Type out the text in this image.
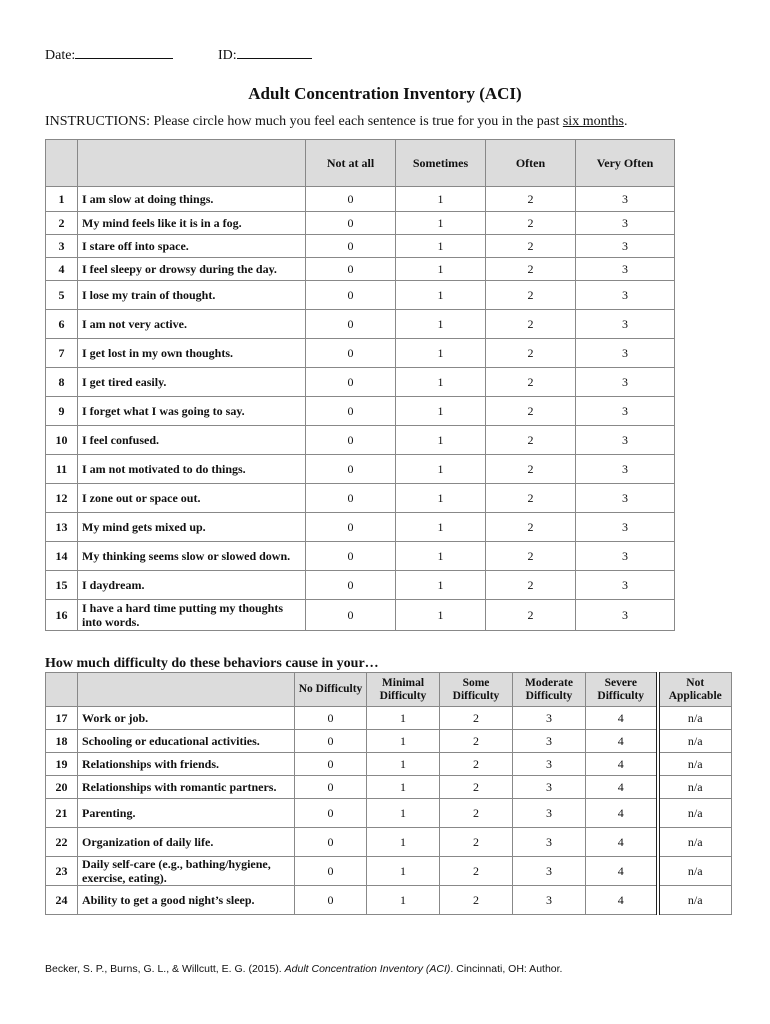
Date:	ID:
Adult Concentration Inventory (ACI)
INSTRUCTIONS: Please circle how much you feel each sentence is true for you in the past six months.
		Not at all	Sometimes	Often	Very Often
1	I am slow at doing things.	0	1	2	3
2	My mind feels like it is in a fog.	0	1	2	3
3	I stare off into space.	0	1	2	3
4	I feel sleepy or drowsy during the day.	0	1	2	3
5	I lose my train of thought.	0	1	2	3
6	I am not very active.	0	1	2	3
7	I get lost in my own thoughts.	0	1	2	3
8	I get tired easily.	0	1	2	3
9	I forget what I was going to say.	0	1	2	3
10	I feel confused.	0	1	2	3
11	I am not motivated to do things.	0	1	2	3
12	I zone out or space out.	0	1	2	3
13	My mind gets mixed up.	0	1	2	3
14	My thinking seems slow or slowed down.	0	1	2	3
15	I daydream.	0	1	2	3
16	I have a hard time putting my thoughts into words.	0	1	2	3
How much difficulty do these behaviors cause in your…
		No Difficulty	Minimal Difficulty	Some Difficulty	Moderate Difficulty	Severe Difficulty	Not Applicable
17	Work or job.	0	1	2	3	4	n/a
18	Schooling or educational activities.	0	1	2	3	4	n/a
19	Relationships with friends.	0	1	2	3	4	n/a
20	Relationships with romantic partners.	0	1	2	3	4	n/a
21	Parenting.	0	1	2	3	4	n/a
22	Organization of daily life.	0	1	2	3	4	n/a
23	Daily self-care (e.g., bathing/hygiene, exercise, eating).	0	1	2	3	4	n/a
24	Ability to get a good night’s sleep.	0	1	2	3	4	n/a
Becker, S. P., Burns, G. L., & Willcutt, E. G. (2015). Adult Concentration Inventory (ACI). Cincinnati, OH: Author.
